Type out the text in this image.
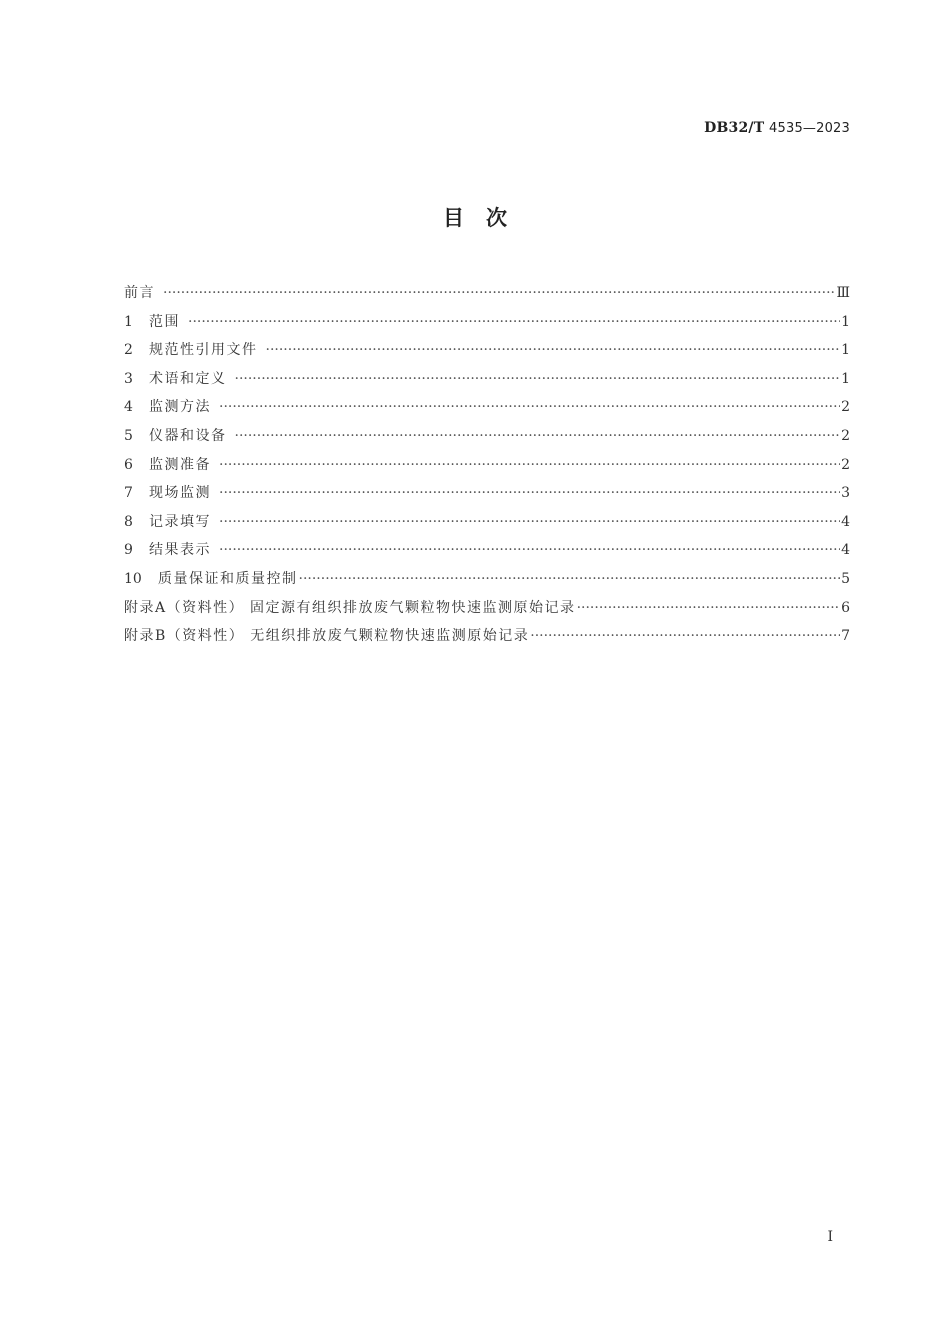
DB32/T 4535—2023
目次
前言 ·····	Ⅲ
1	范围 ·····	1
2	规范性引用文件 ·····	1
3	术语和定义 ·····	1
4	监测方法 ·····	2
5	仪器和设备 ·····	2
6	监测准备 ·····	2
7	现场监测 ·····	3
8	记录填写 ·····	4
9	结果表示 ·····	4
10	质量保证和质量控制 ·····	5
附录A（资料性） 固定源有组织排放废气颗粒物快速监测原始记录 ·····	6
附录B（资料性） 无组织排放废气颗粒物快速监测原始记录 ·····	7
Ⅰ
